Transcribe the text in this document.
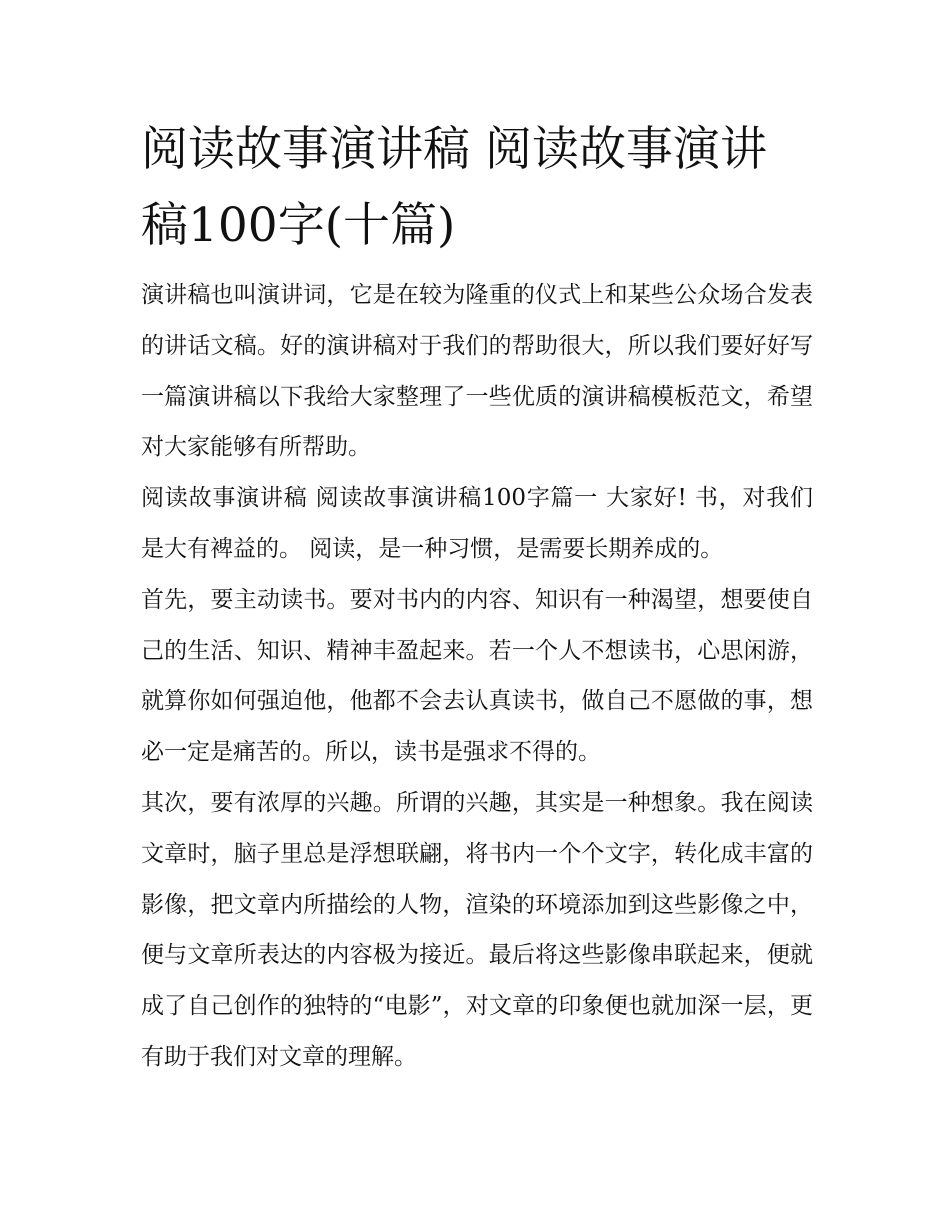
阅读故事演讲稿 阅读故事演讲稿100字(十篇)

演讲稿也叫演讲词，它是在较为隆重的仪式上和某些公众场合发表的讲话文稿。好的演讲稿对于我们的帮助很大，所以我们要好好写一篇演讲稿以下我给大家整理了一些优质的演讲稿模板范文，希望对大家能够有所帮助。

阅读故事演讲稿 阅读故事演讲稿100字篇一 大家好! 书，对我们是大有裨益的。 阅读，是一种习惯，是需要长期养成的。

首先，要主动读书。要对书内的内容、知识有一种渴望，想要使自己的生活、知识、精神丰盈起来。若一个人不想读书，心思闲游，就算你如何强迫他，他都不会去认真读书，做自己不愿做的事，想必一定是痛苦的。所以，读书是强求不得的。

其次，要有浓厚的兴趣。所谓的兴趣，其实是一种想象。我在阅读文章时，脑子里总是浮想联翩，将书内一个个文字，转化成丰富的影像，把文章内所描绘的人物，渲染的环境添加到这些影像之中，便与文章所表达的内容极为接近。最后将这些影像串联起来，便就成了自己创作的独特的“电影”，对文章的印象便也就加深一层，更有助于我们对文章的理解。
